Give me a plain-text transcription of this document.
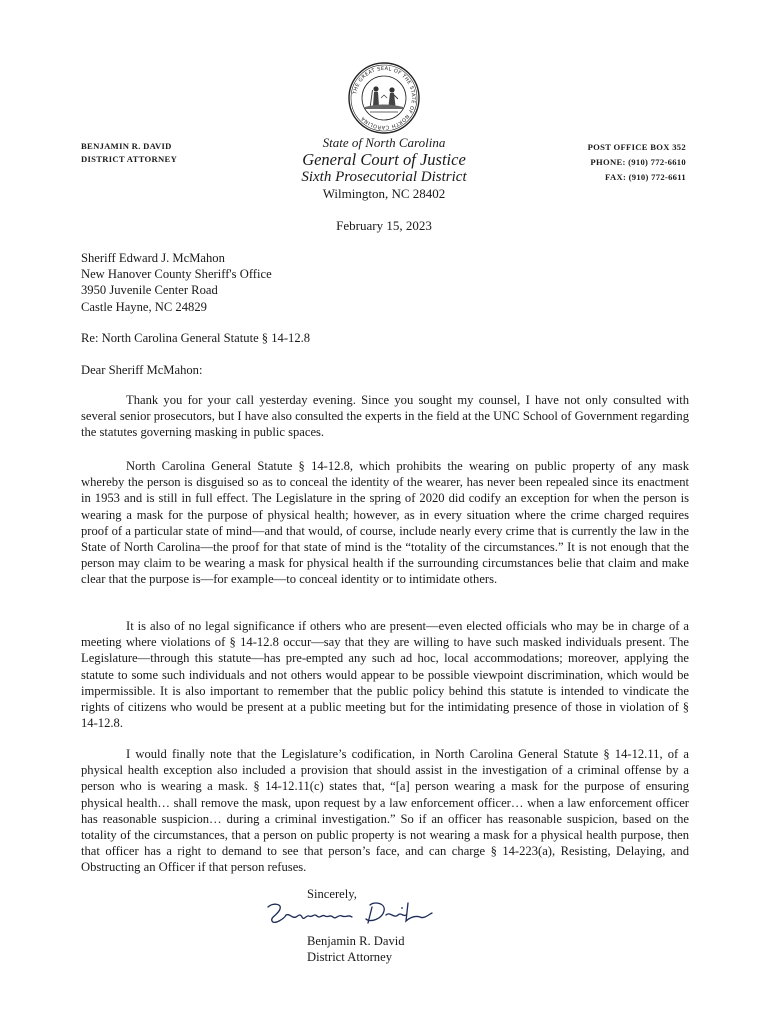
THE GREAT SEAL OF THE STATE OF NORTH CAROLINA
BENJAMIN R. DAVID
DISTRICT ATTORNEY
State of North Carolina
General Court of Justice
Sixth Prosecutorial District
Wilmington, NC 28402
POST OFFICE BOX 352
PHONE: (910) 772-6610
FAX: (910) 772-6611
February 15, 2023
Sheriff Edward J. McMahon
New Hanover County Sheriff's Office
3950 Juvenile Center Road
Castle Hayne, NC 24829
Re: North Carolina General Statute § 14-12.8
Dear Sheriff McMahon:

Thank you for your call yesterday evening. Since you sought my counsel, I have not only consulted with several senior prosecutors, but I have also consulted the experts in the field at the UNC School of Government regarding the statutes governing masking in public spaces.

North Carolina General Statute § 14-12.8, which prohibits the wearing on public property of any mask whereby the person is disguised so as to conceal the identity of the wearer, has never been repealed since its enactment in 1953 and is still in full effect. The Legislature in the spring of 2020 did codify an exception for when the person is wearing a mask for the purpose of physical health; however, as in every situation where the crime charged requires proof of a particular state of mind—and that would, of course, include nearly every crime that is currently the law in the State of North Carolina—the proof for that state of mind is the “totality of the circumstances.” It is not enough that the person may claim to be wearing a mask for physical health if the surrounding circumstances belie that claim and make clear that the purpose is—for example—to conceal identity or to intimidate others.

It is also of no legal significance if others who are present—even elected officials who may be in charge of a meeting where violations of § 14-12.8 occur—say that they are willing to have such masked individuals present. The Legislature—through this statute—has pre-empted any such ad hoc, local accommodations; moreover, applying the statute to some such individuals and not others would appear to be possible viewpoint discrimination, which would be impermissible. It is also important to remember that the public policy behind this statute is intended to vindicate the rights of citizens who would be present at a public meeting but for the intimidating presence of those in violation of § 14-12.8.

I would finally note that the Legislature’s codification, in North Carolina General Statute § 14-12.11, of a physical health exception also included a provision that should assist in the investigation of a criminal offense by a person who is wearing a mask. § 14-12.11(c) states that, “[a] person wearing a mask for the purpose of ensuring physical health… shall remove the mask, upon request by a law enforcement officer… when a law enforcement officer has reasonable suspicion… during a criminal investigation.” So if an officer has reasonable suspicion, based on the totality of the circumstances, that a person on public property is not wearing a mask for a physical health purpose, then that officer has a right to demand to see that person’s face, and can charge § 14-223(a), Resisting, Delaying, and Obstructing an Officer if that person refuses.

Sincerely,
Benjamin R. David
District Attorney
